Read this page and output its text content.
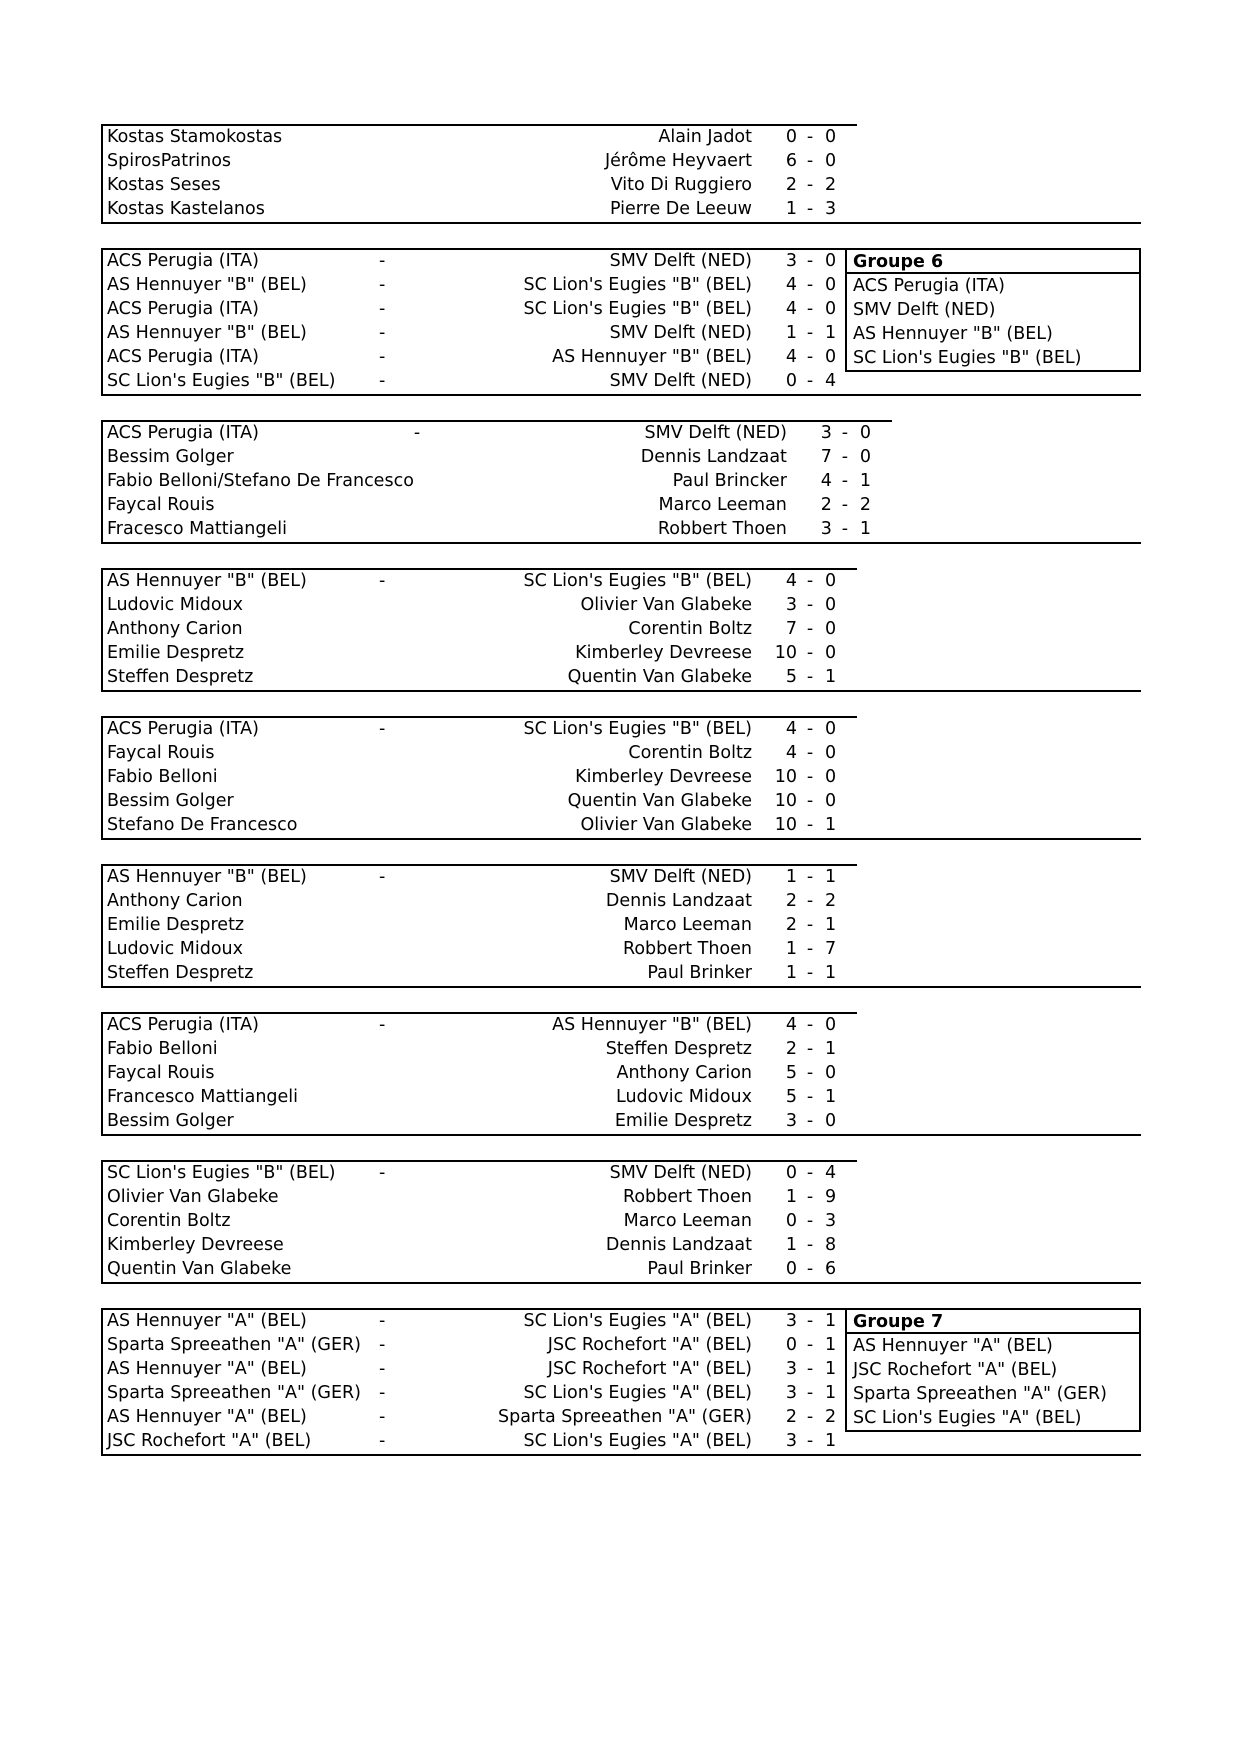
Kostas Stamokostas		Alain Jadot	0	-	0
SpirosPatrinos		Jérôme Heyvaert	6	-	0
Kostas Seses		Vito Di Ruggiero	2	-	2
Kostas Kastelanos		Pierre De Leeuw	1	-	3
ACS Perugia (ITA)	-	SMV Delft (NED)	3	-	0
AS Hennuyer "B" (BEL)	-	SC Lion's Eugies "B" (BEL)	4	-	0
ACS Perugia (ITA)	-	SC Lion's Eugies "B" (BEL)	4	-	0
AS Hennuyer "B" (BEL)	-	SMV Delft (NED)	1	-	1
ACS Perugia (ITA)	-	AS Hennuyer "B" (BEL)	4	-	0
SC Lion's Eugies "B" (BEL)	-	SMV Delft (NED)	0	-	4
Groupe 6
ACS Perugia (ITA)
SMV Delft (NED)
AS Hennuyer "B" (BEL)
SC Lion's Eugies "B" (BEL)
ACS Perugia (ITA)	-	SMV Delft (NED)	3	-	0
Bessim Golger		Dennis Landzaat	7	-	0
Fabio Belloni/Stefano De Francesco		Paul Brincker	4	-	1
Faycal Rouis		Marco Leeman	2	-	2
Fracesco Mattiangeli		Robbert Thoen	3	-	1
AS Hennuyer "B" (BEL)	-	SC Lion's Eugies "B" (BEL)	4	-	0
Ludovic Midoux		Olivier Van Glabeke	3	-	0
Anthony Carion		Corentin Boltz	7	-	0
Emilie Despretz		Kimberley Devreese	10	-	0
Steffen Despretz		Quentin Van Glabeke	5	-	1
ACS Perugia (ITA)	-	SC Lion's Eugies "B" (BEL)	4	-	0
Faycal Rouis		Corentin Boltz	4	-	0
Fabio Belloni		Kimberley Devreese	10	-	0
Bessim Golger		Quentin Van Glabeke	10	-	0
Stefano De Francesco		Olivier Van Glabeke	10	-	1
AS Hennuyer "B" (BEL)	-	SMV Delft (NED)	1	-	1
Anthony Carion		Dennis Landzaat	2	-	2
Emilie Despretz		Marco Leeman	2	-	1
Ludovic Midoux		Robbert Thoen	1	-	7
Steffen Despretz		Paul Brinker	1	-	1
ACS Perugia (ITA)	-	AS Hennuyer "B" (BEL)	4	-	0
Fabio Belloni		Steffen Despretz	2	-	1
Faycal Rouis		Anthony Carion	5	-	0
Francesco Mattiangeli		Ludovic Midoux	5	-	1
Bessim Golger		Emilie Despretz	3	-	0
SC Lion's Eugies "B" (BEL)	-	SMV Delft (NED)	0	-	4
Olivier Van Glabeke		Robbert Thoen	1	-	9
Corentin Boltz		Marco Leeman	0	-	3
Kimberley Devreese		Dennis Landzaat	1	-	8
Quentin Van Glabeke		Paul Brinker	0	-	6
AS Hennuyer "A" (BEL)	-	SC Lion's Eugies "A" (BEL)	3	-	1
Sparta Spreeathen "A" (GER)	-	JSC Rochefort "A" (BEL)	0	-	1
AS Hennuyer "A" (BEL)	-	JSC Rochefort "A" (BEL)	3	-	1
Sparta Spreeathen "A" (GER)	-	SC Lion's Eugies "A" (BEL)	3	-	1
AS Hennuyer "A" (BEL)	-	Sparta Spreeathen "A" (GER)	2	-	2
JSC Rochefort "A" (BEL)	-	SC Lion's Eugies "A" (BEL)	3	-	1
Groupe 7
AS Hennuyer "A" (BEL)
JSC Rochefort "A" (BEL)
Sparta Spreeathen "A" (GER)
SC Lion's Eugies "A" (BEL)
